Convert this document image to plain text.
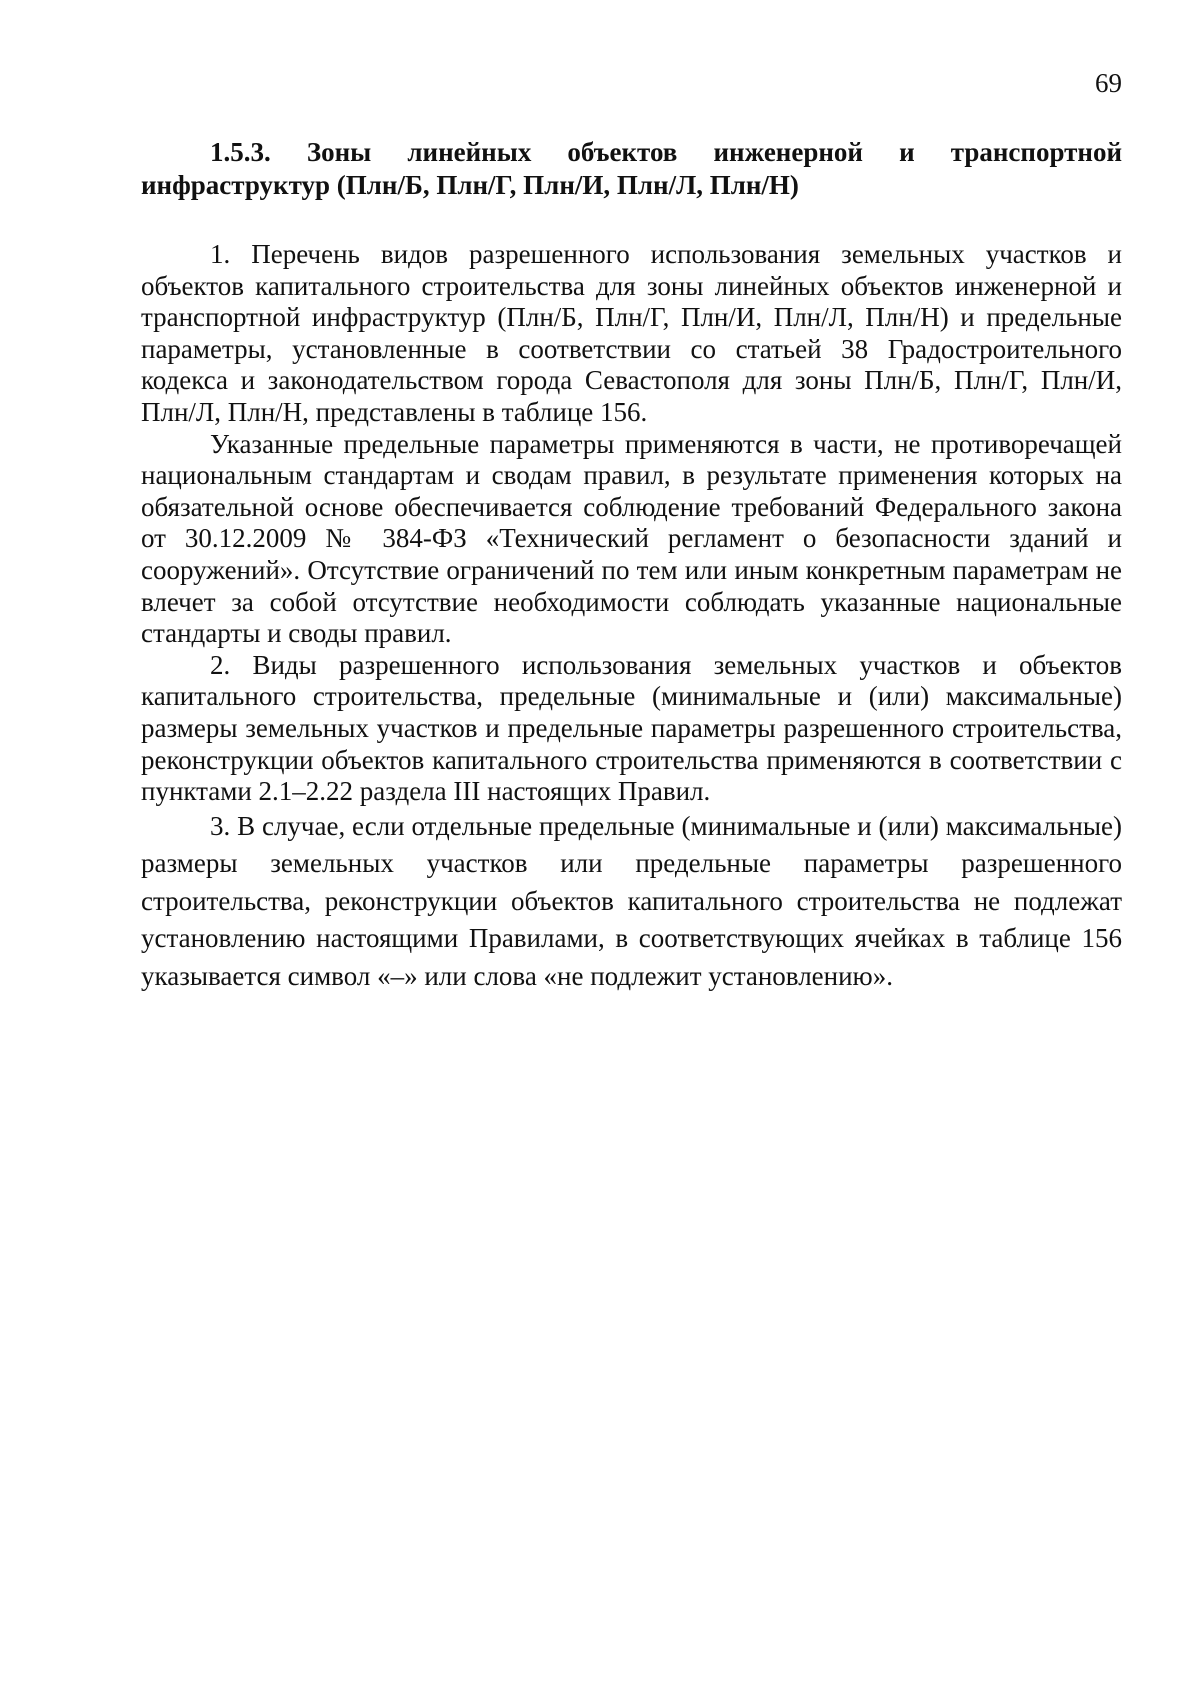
69

1.5.3. Зоны линейных объектов инженерной и транспортной инфраструктур (Плн/Б, Плн/Г, Плн/И, Плн/Л, Плн/Н)

1. Перечень видов разрешенного использования земельных участков и объектов капитального строительства для зоны линейных объектов инженерной и транспортной инфраструктур (Плн/Б, Плн/Г, Плн/И, Плн/Л, Плн/Н) и предельные параметры, установленные в соответствии со статьей 38 Градостроительного кодекса и законодательством города Севастополя для зоны Плн/Б, Плн/Г, Плн/И, Плн/Л, Плн/Н, представлены в таблице 156.

Указанные предельные параметры применяются в части, не противоречащей национальным стандартам и сводам правил, в результате применения которых на обязательной основе обеспечивается соблюдение требований Федерального закона от 30.12.2009 № 384-ФЗ «Технический регламент о безопасности зданий и сооружений». Отсутствие ограничений по тем или иным конкретным параметрам не влечет за собой отсутствие необходимости соблюдать указанные национальные стандарты и своды правил.

2. Виды разрешенного использования земельных участков и объектов капитального строительства, предельные (минимальные и (или) максимальные) размеры земельных участков и предельные параметры разрешенного строительства, реконструкции объектов капитального строительства применяются в соответствии с пунктами 2.1–2.22 раздела III настоящих Правил.

3. В случае, если отдельные предельные (минимальные и (или) максимальные) размеры земельных участков или предельные параметры разрешенного строительства, реконструкции объектов капитального строительства не подлежат установлению настоящими Правилами, в соответствующих ячейках в таблице 156 указывается символ «–» или слова «не подлежит установлению».
